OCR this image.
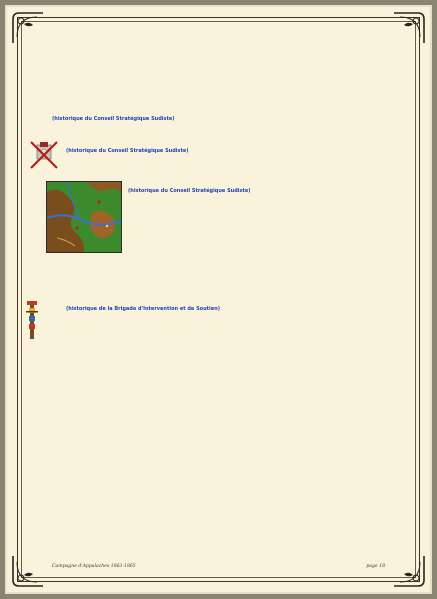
(historique du Conseil Stratégique Sudiste)

(historique du Conseil Stratégique Sudiste)

(historique du Conseil Stratégique Sudiste)

(historique de la Brigade d'Intervention et de Soutien)

Campagne d'Appalaches 1863-1865	page 18
